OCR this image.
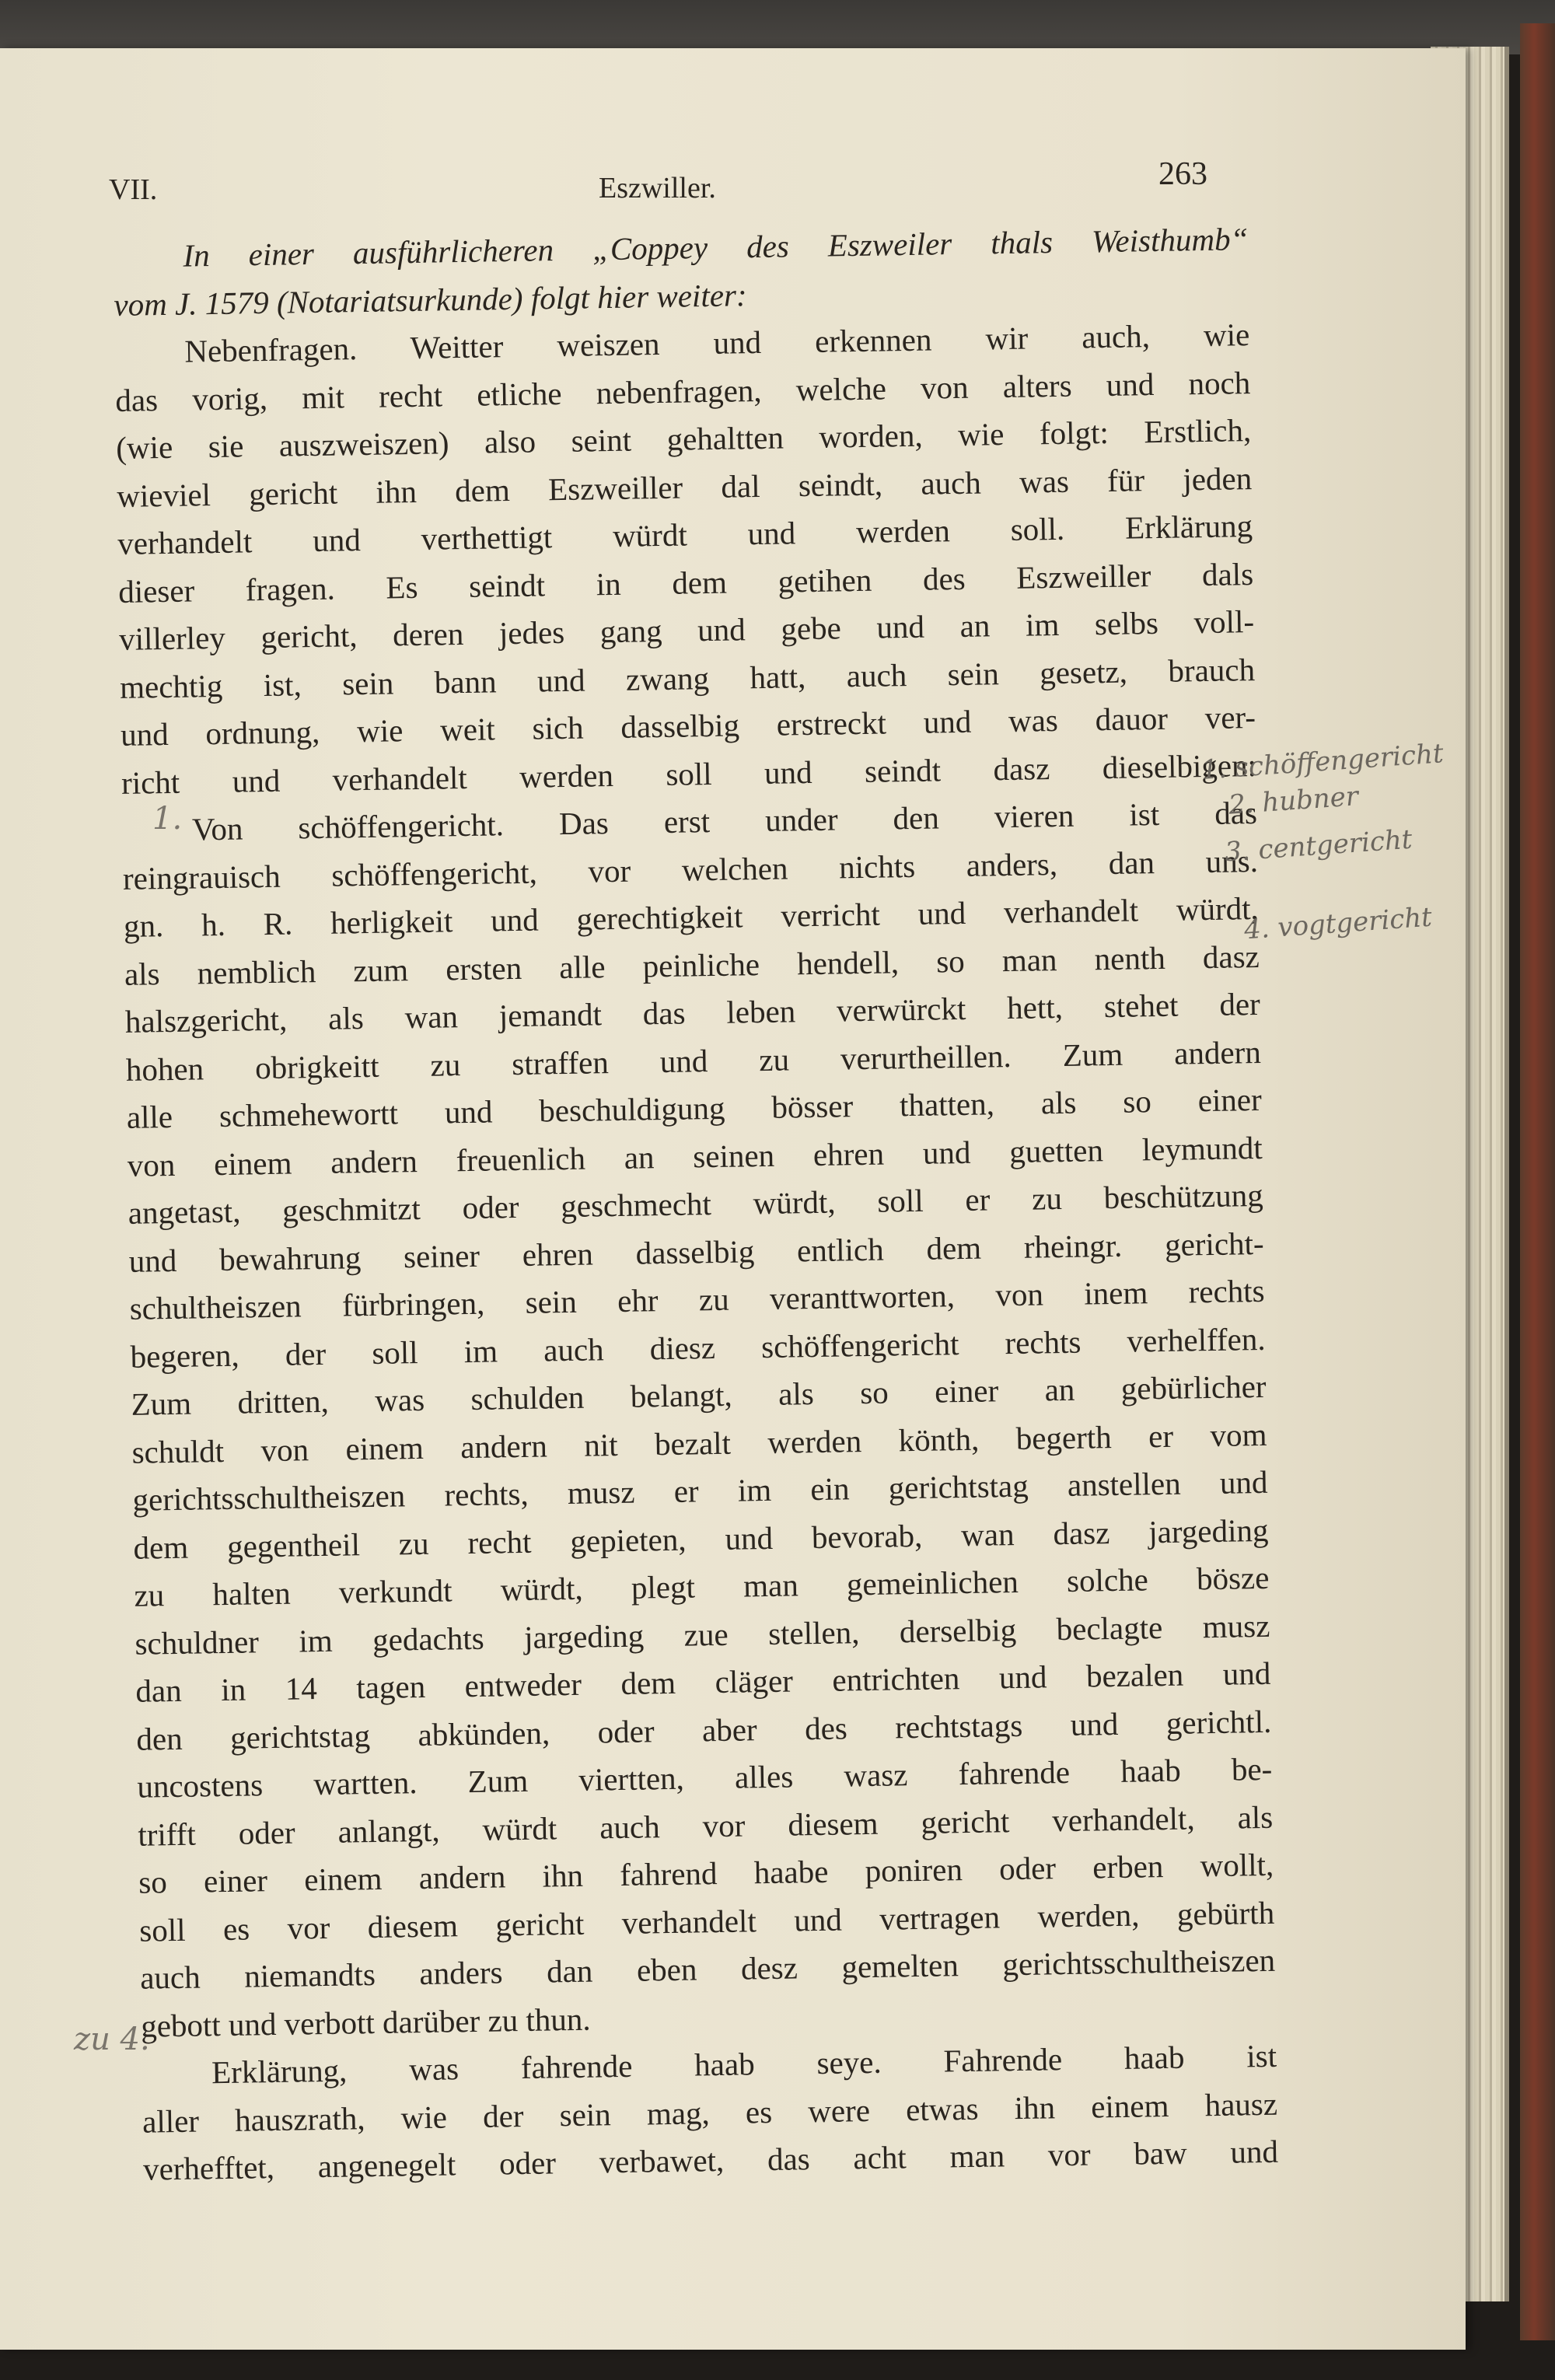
VII.	Eszwiller.	263
In einer ausführlicheren „Coppey des Eszweiler thals Weisthumb“
vom J. 1579 (Notariatsurkunde) folgt hier weiter:
Nebenfragen. Weitter weiszen und erkennen wir auch, wie
das vorig, mit recht etliche nebenfragen, welche von alters und noch
(wie sie auszweiszen) also seint gehaltten worden, wie folgt: Erstlich,
wieviel gericht ihn dem Eszweiller dal seindt, auch was für jeden
verhandelt und verthettigt würdt und werden soll. Erklärung
dieser fragen. Es seindt in dem getihen des Eszweiller dals
villerley gericht, deren jedes gang und gebe und an im selbs voll-
mechtig ist, sein bann und zwang hatt, auch sein gesetz, brauch
und ordnung, wie weit sich dasselbig erstreckt und was dauor ver-
richt und verhandelt werden soll und seindt dasz dieselbigen:
Von schöffengericht. Das erst under den vieren ist das
reingrauisch schöffengericht, vor welchen nichts anders, dan uns.
gn. h. R. herligkeit und gerechtigkeit verricht und verhandelt würdt,
als nemblich zum ersten alle peinliche hendell, so man nenth dasz
halszgericht, als wan jemandt das leben verwürckt hett, stehet der
hohen obrigkeitt zu straffen und zu verurtheillen. Zum andern
alle schmehewortt und beschuldigung bösser thatten, als so einer
von einem andern freuenlich an seinen ehren und guetten leymundt
angetast, geschmitzt oder geschmecht würdt, soll er zu beschützung
und bewahrung seiner ehren dasselbig entlich dem rheingr. gericht-
schultheiszen fürbringen, sein ehr zu veranttworten, von inem rechts
begeren, der soll im auch diesz schöffengericht rechts verhelffen.
Zum dritten, was schulden belangt, als so einer an gebürlicher
schuldt von einem andern nit bezalt werden könth, begerth er vom
gerichtsschultheiszen rechts, musz er im ein gerichtstag anstellen und
dem gegentheil zu recht gepieten, und bevorab, wan dasz jargeding
zu halten verkundt würdt, plegt man gemeinlichen solche bösze
schuldner im gedachts jargeding zue stellen, derselbig beclagte musz
dan in 14 tagen entweder dem cläger entrichten und bezalen und
den gerichtstag abkünden, oder aber des rechtstags und gerichtl.
uncostens wartten. Zum viertten, alles wasz fahrende haab be-
trifft oder anlangt, würdt auch vor diesem gericht verhandelt, als
so einer einem andern ihn fahrend haabe poniren oder erben wollt,
soll es vor diesem gericht verhandelt und vertragen werden, gebürth
auch niemandts anders dan eben desz gemelten gerichtsschultheiszen
gebott und verbott darüber zu thun.
Erklärung, was fahrende haab seye. Fahrende haab ist
aller hauszrath, wie der sein mag, es were etwas ihn einem hausz
verhefftet, angenegelt oder verbawet, das acht man vor baw und
1. schöffengericht
2. hubner
3. centgericht
4. vogtgericht
1.
zu 4.
